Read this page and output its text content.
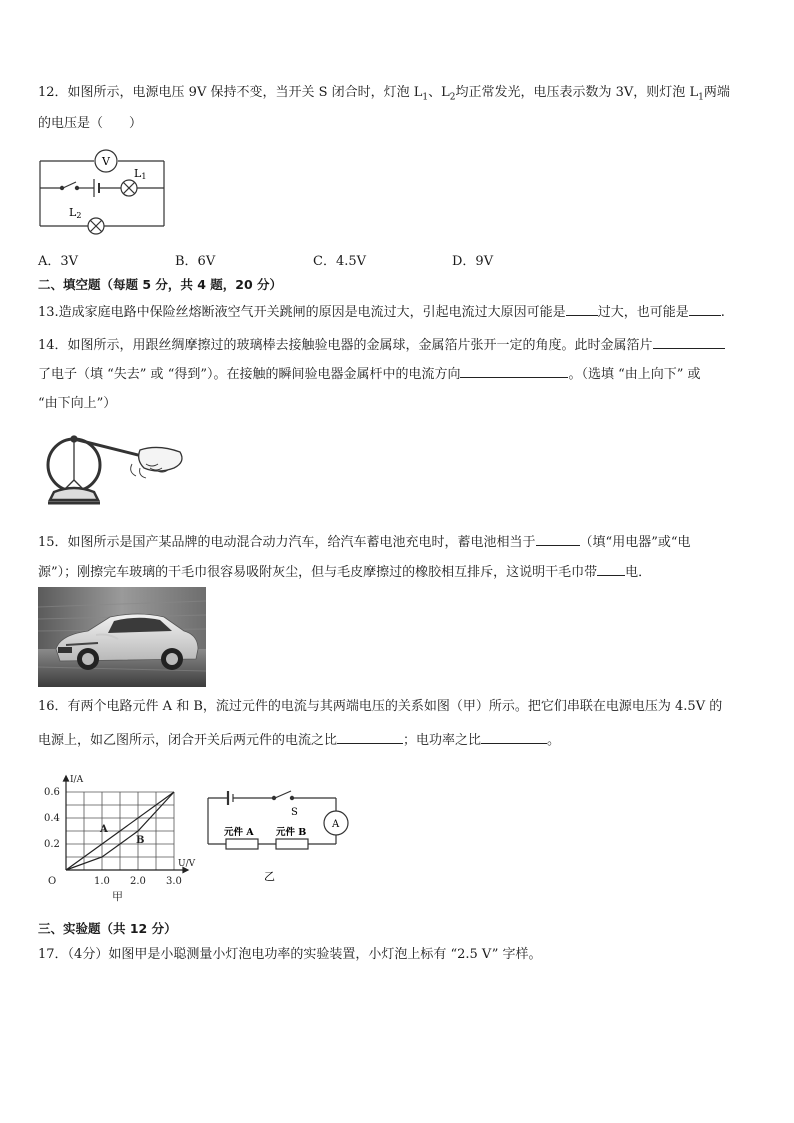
12．如图所示，电源电压 9V 保持不变，当开关 S 闭合时，灯泡 $L_1$、$L_2$均正常发光，电压表示数为 3V，则灯泡 $L_1$两端
的电压是（　　）
V
L1
L2
A．3V	B．6V	C．4.5V	D．9V
二、填空题（每题 5 分，共 4 题，20 分）
13.造成家庭电路中保险丝熔断液空气开关跳闸的原因是电流过大，引起电流过大原因可能是 过大，也可能是 .
14．如图所示，用跟丝绸摩擦过的玻璃棒去接触验电器的金属球，金属箔片张开一定的角度。此时金属箔片
了电子（填 “失去” 或 “得到”）。在接触的瞬间验电器金属杆中的电流方向	。（选填 “由上向下” 或
“由下向上”）
15．如图所示是国产某品牌的电动混合动力汽车，给汽车蓄电池充电时，蓄电池相当于	（填“用电器”或“电
源”）；刚擦完车玻璃的干毛巾很容易吸附灰尘，但与毛皮摩擦过的橡胶相互排斥，这说明干毛巾带 电．
16．有两个电路元件 A 和 B，流过元件的电流与其两端电压的关系如图（甲）所示。把它们串联在电源电压为 4.5V 的
电源上，如乙图所示，闭合开关后两元件的电流之比	；电功率之比	。
1.0 2.0 3.0
0.2
0.4
0.6
O
U/V
I/A
A
B
甲
S
A
元件 A 元件 B
乙
三、实验题（共 12 分）
17．（4分）如图甲是小聪测量小灯泡电功率的实验装置，小灯泡上标有 “2.5 V” 字样。
